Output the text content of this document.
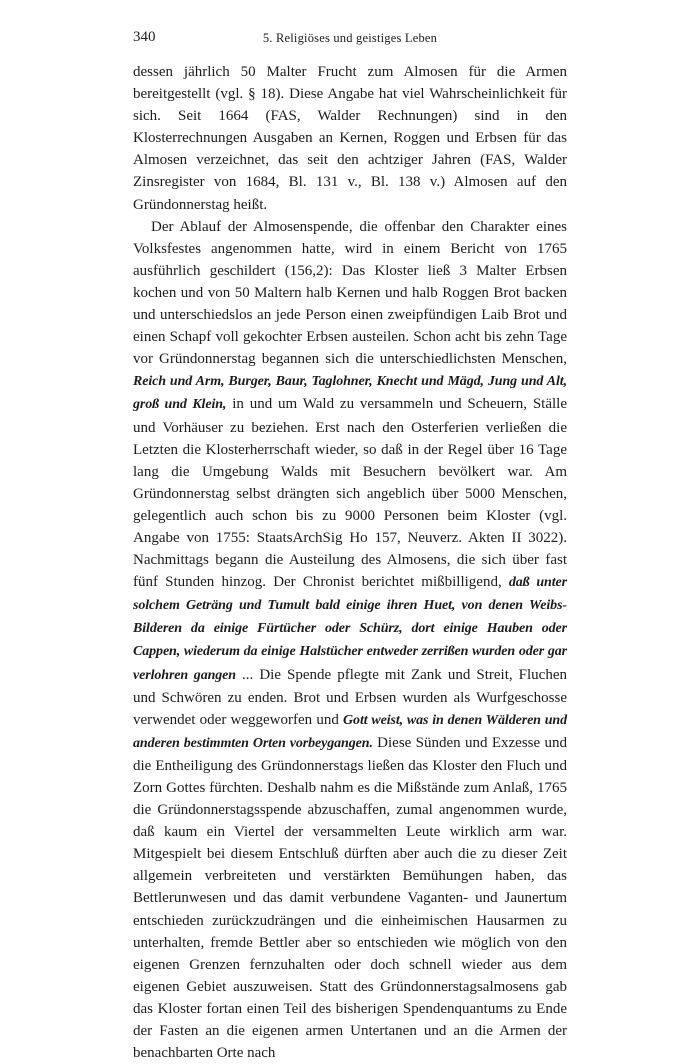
340	5. Religiöses und geistiges Leben

dessen jährlich 50 Malter Frucht zum Almosen für die Armen bereitgestellt (vgl. § 18). Diese Angabe hat viel Wahrscheinlichkeit für sich. Seit 1664 (FAS, Walder Rechnungen) sind in den Klosterrechnungen Ausgaben an Kernen, Roggen und Erbsen für das Almosen verzeichnet, das seit den achtziger Jahren (FAS, Walder Zinsregister von 1684, Bl. 131 v., Bl. 138 v.) Almosen auf den Gründonnerstag heißt.

Der Ablauf der Almosenspende, die offenbar den Charakter eines Volksfestes angenommen hatte, wird in einem Bericht von 1765 ausführlich geschildert (156,2): Das Kloster ließ 3 Malter Erbsen kochen und von 50 Maltern halb Kernen und halb Roggen Brot backen und unterschiedslos an jede Person einen zweipfündigen Laib Brot und einen Schapf voll gekochter Erbsen austeilen. Schon acht bis zehn Tage vor Gründonnerstag begannen sich die unterschiedlichsten Menschen, Reich und Arm, Burger, Baur, Taglohner, Knecht und Mägd, Jung und Alt, groß und Klein, in und um Wald zu versammeln und Scheuern, Ställe und Vorhäuser zu beziehen. Erst nach den Osterferien verließen die Letzten die Klosterherrschaft wieder, so daß in der Regel über 16 Tage lang die Umgebung Walds mit Besuchern bevölkert war. Am Gründonnerstag selbst drängten sich angeblich über 5000 Menschen, gelegentlich auch schon bis zu 9000 Personen beim Kloster (vgl. Angabe von 1755: StaatsArchSig Ho 157, Neuverz. Akten II 3022). Nachmittags begann die Austeilung des Almosens, die sich über fast fünf Stunden hinzog. Der Chronist berichtet mißbilligend, daß unter solchem Geträng und Tumult bald einige ihren Huet, von denen Weibs-Bilderen da einige Fürtücher oder Schürz, dort einige Hauben oder Cappen, wiederum da einige Halstücher entweder zerrißen wurden oder gar verlohren gangen ... Die Spende pflegte mit Zank und Streit, Fluchen und Schwören zu enden. Brot und Erbsen wurden als Wurfgeschosse verwendet oder weggeworfen und Gott weist, was in denen Wälderen und anderen bestimmten Orten vorbeygangen. Diese Sünden und Exzesse und die Entheiligung des Gründonnerstags ließen das Kloster den Fluch und Zorn Gottes fürchten. Deshalb nahm es die Mißstände zum Anlaß, 1765 die Gründonnerstagsspende abzuschaffen, zumal angenommen wurde, daß kaum ein Viertel der versammelten Leute wirklich arm war. Mitgespielt bei diesem Entschluß dürften aber auch die zu dieser Zeit allgemein verbreiteten und verstärkten Bemühungen haben, das Bettlerunwesen und das damit verbundene Vaganten- und Jaunertum entschieden zurückzudrängen und die einheimischen Hausarmen zu unterhalten, fremde Bettler aber so entschieden wie möglich von den eigenen Grenzen fernzuhalten oder doch schnell wieder aus dem eigenen Gebiet auszuweisen. Statt des Gründonnerstagsalmosens gab das Kloster fortan einen Teil des bisherigen Spendenquantums zu Ende der Fasten an die eigenen armen Untertanen und an die Armen der benachbarten Orte nach
